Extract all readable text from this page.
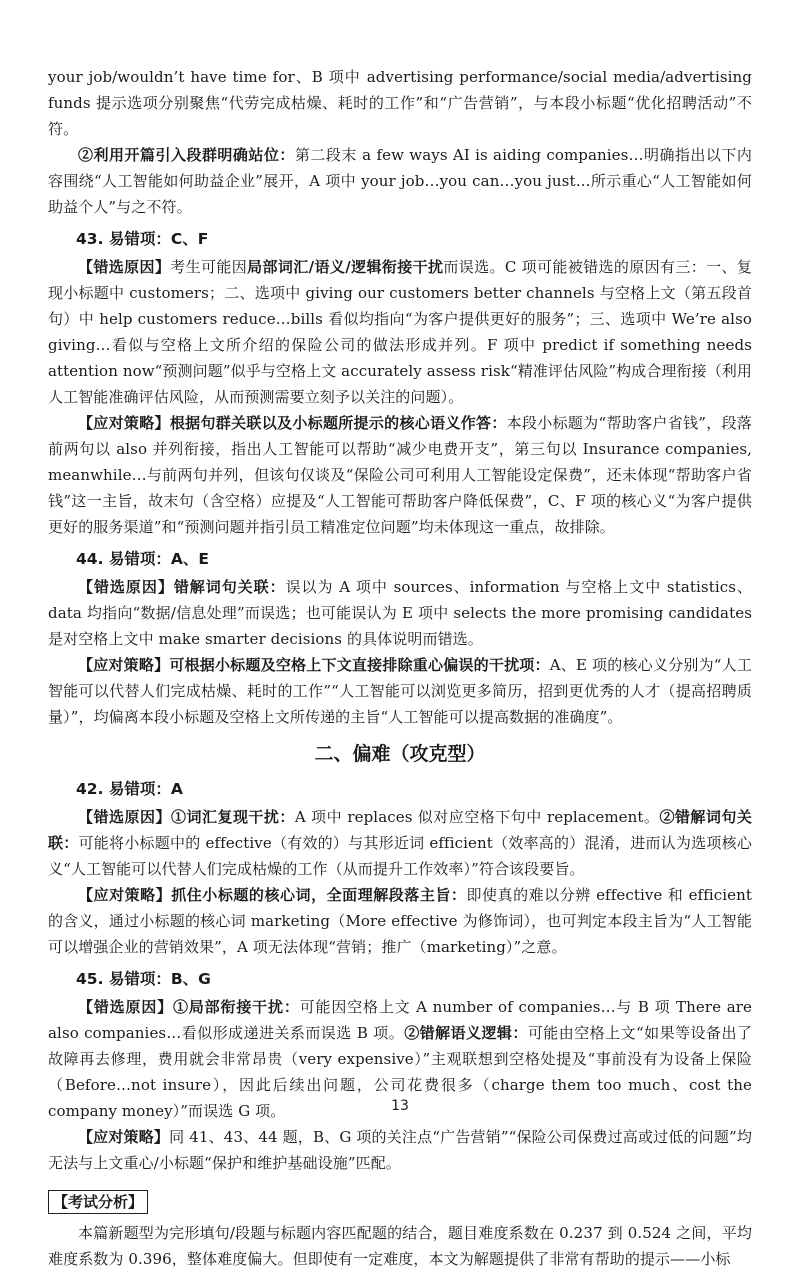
your job/wouldn’t have time for、B 项中 advertising performance/social media/advertising funds 提示选项分别聚焦“代劳完成枯燥、耗时的工作”和“广告营销”，与本段小标题“优化招聘活动”不符。

②利用开篇引入段群明确站位：第二段末 a few ways AI is aiding companies…明确指出以下内容围绕“人工智能如何助益企业”展开，A 项中 your job…you can…you just…所示重心“人工智能如何助益个人”与之不符。

43. 易错项：C、F

【错选原因】考生可能因局部词汇/语义/逻辑衔接干扰而误选。C 项可能被错选的原因有三：一、复现小标题中 customers；二、选项中 giving our customers better channels 与空格上文（第五段首句）中 help customers reduce…bills 看似均指向“为客户提供更好的服务”；三、选项中 We’re also giving…看似与空格上文所介绍的保险公司的做法形成并列。F 项中 predict if something needs attention now“预测问题”似乎与空格上文 accurately assess risk“精准评估风险”构成合理衔接（利用人工智能准确评估风险，从而预测需要立刻予以关注的问题）。

【应对策略】根据句群关联以及小标题所提示的核心语义作答：本段小标题为“帮助客户省钱”，段落前两句以 also 并列衔接，指出人工智能可以帮助“减少电费开支”，第三句以 Insurance companies, meanwhile…与前两句并列，但该句仅谈及“保险公司可利用人工智能设定保费”，还未体现“帮助客户省钱”这一主旨，故末句（含空格）应提及“人工智能可帮助客户降低保费”，C、F 项的核心义“为客户提供更好的服务渠道”和“预测问题并指引员工精准定位问题”均未体现这一重点，故排除。

44. 易错项：A、E

【错选原因】错解词句关联：误以为 A 项中 sources、information 与空格上文中 statistics、data 均指向“数据/信息处理”而误选；也可能误认为 E 项中 selects the more promising candidates 是对空格上文中 make smarter decisions 的具体说明而错选。

【应对策略】可根据小标题及空格上下文直接排除重心偏误的干扰项：A、E 项的核心义分别为“人工智能可以代替人们完成枯燥、耗时的工作”“人工智能可以浏览更多简历，招到更优秀的人才（提高招聘质量）”，均偏离本段小标题及空格上文所传递的主旨“人工智能可以提高数据的准确度”。

二、偏难（攻克型）
42. 易错项：A

【错选原因】①词汇复现干扰：A 项中 replaces 似对应空格下句中 replacement。②错解词句关联：可能将小标题中的 effective（有效的）与其形近词 efficient（效率高的）混淆，进而认为选项核心义“人工智能可以代替人们完成枯燥的工作（从而提升工作效率）”符合该段要旨。

【应对策略】抓住小标题的核心词，全面理解段落主旨：即使真的难以分辨 effective 和 efficient 的含义，通过小标题的核心词 marketing（More effective 为修饰词），也可判定本段主旨为“人工智能可以增强企业的营销效果”，A 项无法体现“营销；推广（marketing）”之意。

45. 易错项：B、G

【错选原因】①局部衔接干扰：可能因空格上文 A number of companies…与 B 项 There are also companies…看似形成递进关系而误选 B 项。②错解语义逻辑：可能由空格上文“如果等设备出了故障再去修理，费用就会非常昂贵（very expensive）”主观联想到空格处提及“事前没有为设备上保险（Before…not insure），因此后续出问题，公司花费很多（charge them too much、cost the company money）”而误选 G 项。

【应对策略】同 41、43、44 题，B、G 项的关注点“广告营销”“保险公司保费过高或过低的问题”均无法与上文重心/小标题“保护和维护基础设施”匹配。

【考试分析】

本篇新题型为完形填句/段题与标题内容匹配题的结合，题目难度系数在 0.237 到 0.524 之间，平均难度系数为 0.396，整体难度偏大。但即使有一定难度，本文为解题提供了非常有帮助的提示——小标

13
